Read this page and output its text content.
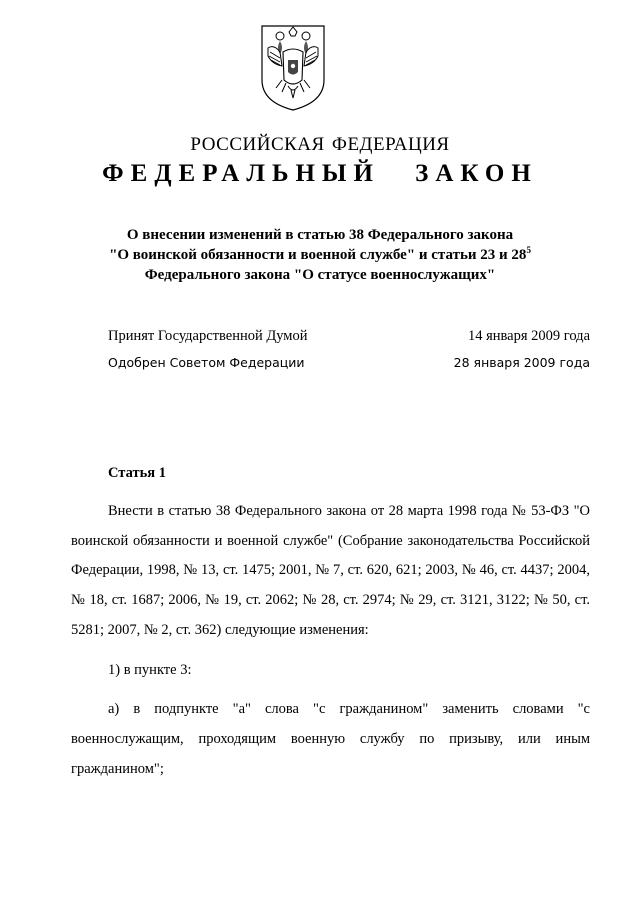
РОССИЙСКАЯ ФЕДЕРАЦИЯ
ФЕДЕРАЛЬНЫЙ ЗАКОН
О внесении изменений в статью 38 Федерального закона
"О воинской обязанности и военной службе" и статьи 23 и $28^5$
Федерального закона "О статусе военнослужащих"
Принят Государственной Думой	14 января 2009 года
Одобрен Советом Федерации	28 января 2009 года
Статья 1

Внести в статью 38 Федерального закона от 28 марта 1998 года № 53-ФЗ "О воинской обязанности и военной службе" (Собрание законодательства Российской Федерации, 1998, № 13, ст. 1475; 2001, № 7, ст. 620, 621; 2003, № 46, ст. 4437; 2004, № 18, ст. 1687; 2006, № 19, ст. 2062; № 28, ст. 2974; № 29, ст. 3121, 3122; № 50, ст. 5281; 2007, № 2, ст. 362) следующие изменения:

1) в пункте 3:

а) в подпункте "а" слова "с гражданином" заменить словами "с военнослужащим, проходящим военную службу по призыву, или иным гражданином";
